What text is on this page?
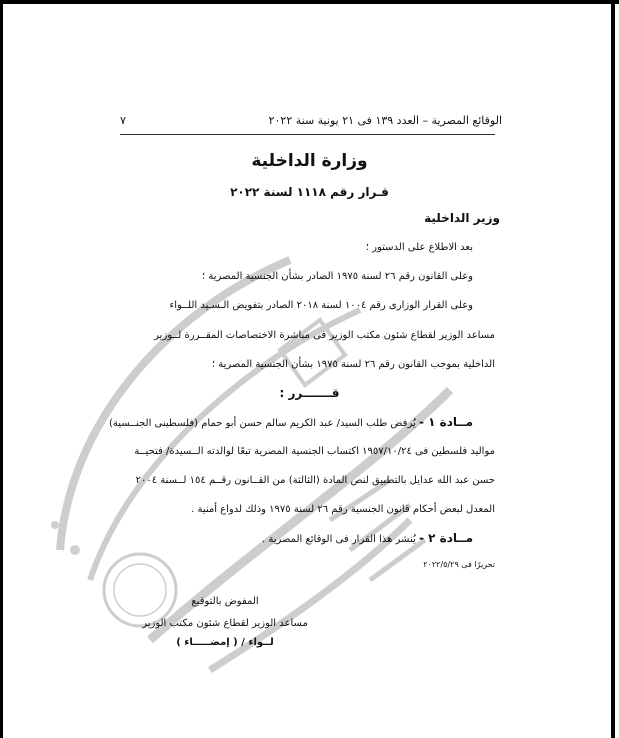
الوقائع المصرية – العدد ١٣٩ فى ٢١ يونية سنة ٢٠٢٢
٧
وزارة الداخلية
قـرار رقم ١١١٨ لسنة ٢٠٢٢
وزير الداخلية
بعد الاطلاع على الدستور ؛
وعلى القانون رقم ٢٦ لسنة ١٩٧٥ الصادر بشأن الجنسية المصرية ؛
وعلى القرار الوزارى رقم ١٠٠٤ لسنة ٢٠١٨ الصادر بتفويض الـسـيد اللــواء
مساعد الوزير لقطاع شئون مكتب الوزير فى مباشرة الاختصاصات المقــررة لــوزير
الداخلية بموجب القانون رقم ٢٦ لسنة ١٩٧٥ بشأن الجنسية المصرية ؛
قـــــــرر :
مــادة ١ - يُرفض طلب السيد/ عبد الكريم سالم حسن أبو حمام (فلسطينى الجنــسية)
مواليد فلسطين فى ١٩٥٧/١٠/٢٤ اكتساب الجنسية المصرية تبعًا لوالدته الــسيدة/ فتحيــة
حسن عبد الله عدايل بالتطبيق لنص المادة (الثالثة) من القــانون رقــم ١٥٤ لــسنة ٢٠٠٤
المعدل لبعض أحكام قانون الجنسية رقم ٢٦ لسنة ١٩٧٥ وذلك لدواع أمنية .
مــادة ٢ - يُنشر هذا القرار فى الوقائع المصرية .
تحريرًا فى ٢٠٢٢/٥/٢٩
المفوض بالتوقيع
مساعد الوزير لقطاع شئون مكتب الوزير
لــواء / ( إمضـــــاء )
